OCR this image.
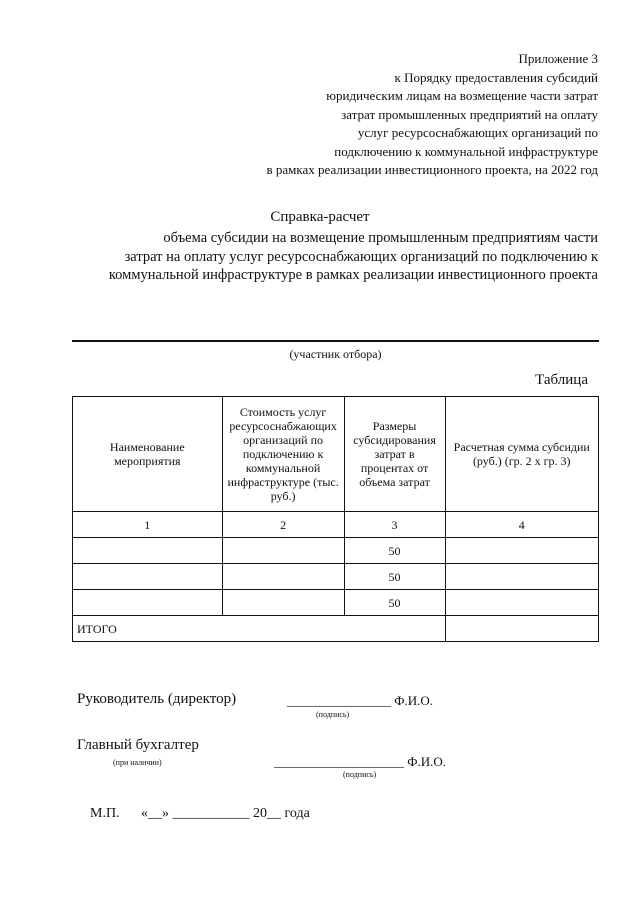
Приложение 3
к Порядку предоставления субсидий
юридическим лицам на возмещение части затрат
затрат промышленных предприятий на оплату
услуг ресурсоснабжающих организаций по
подключению к коммунальной инфраструктуре
в рамках реализации инвестиционного проекта, на 2022 год
Справка-расчет
объема субсидии на возмещение промышленным предприятиям части
затрат на оплату услуг ресурсоснабжающих организаций по подключению к
коммунальной инфраструктуре в рамках реализации инвестиционного проекта
(участник отбора)
Таблица
Наименование мероприятия	Стоимость услуг ресурсоснабжающих организаций по подключению к коммунальной инфраструктуре (тыс. руб.)	Размеры субсидирования затрат в процентах от объема затрат	Расчетная сумма субсидии (руб.) (гр. 2 х гр. 3)
1	2	3	4
		50	
		50	
		50	
ИТОГО			
Руководитель (директор)	________________ Ф.И.О.
(подпись)
Главный бухгалтер
(при наличии)	____________________ Ф.И.О.
(подпись)
М.П. «__» ___________ 20__ года
